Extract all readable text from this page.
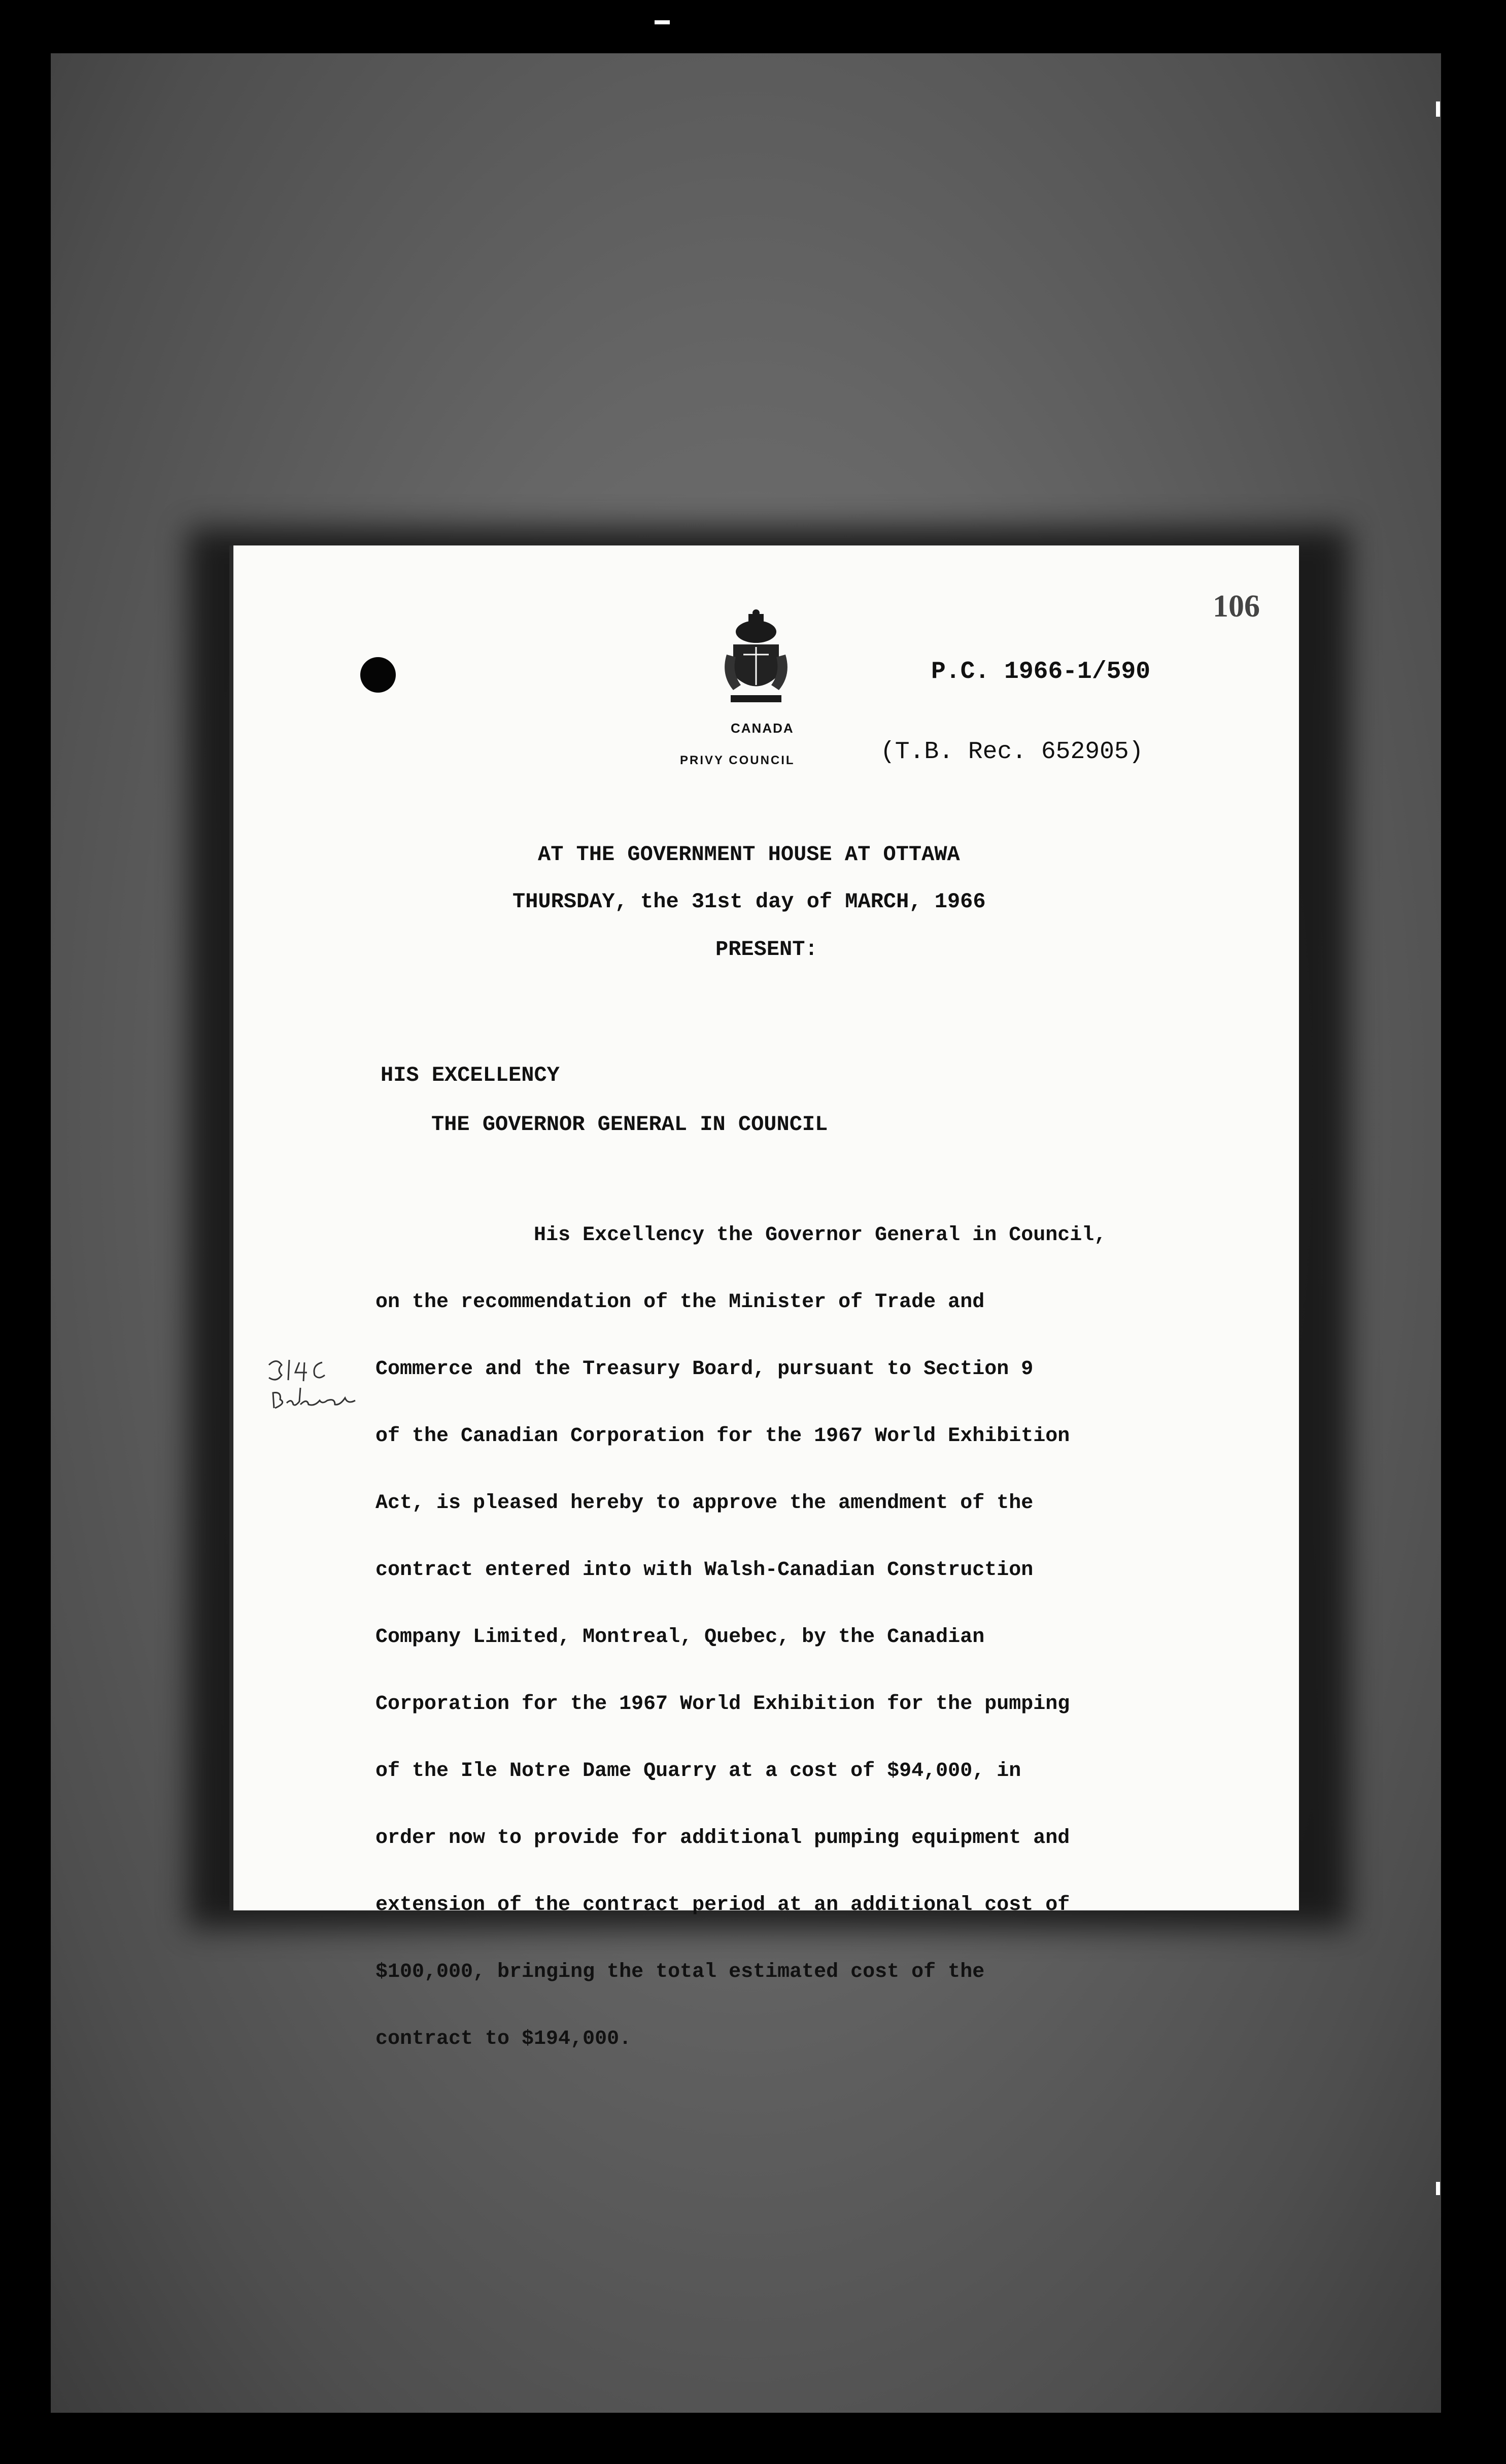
106
CANADA
PRIVY COUNCIL
P.C. 1966-1/590
(T.B. Rec. 652905)
AT THE GOVERNMENT HOUSE AT OTTAWA
THURSDAY, the 31st day of MARCH, 1966
PRESENT:
HIS EXCELLENCY
THE GOVERNOR GENERAL IN COUNCIL

His Excellency the Governor General in Council,

on the recommendation of the Minister of Trade and

Commerce and the Treasury Board, pursuant to Section 9

of the Canadian Corporation for the 1967 World Exhibition

Act, is pleased hereby to approve the amendment of the

contract entered into with Walsh-Canadian Construction

Company Limited, Montreal, Quebec, by the Canadian

Corporation for the 1967 World Exhibition for the pumping

of the Ile Notre Dame Quarry at a cost of $94,000, in

order now to provide for additional pumping equipment and

extension of the contract period at an additional cost of

$100,000, bringing the total estimated cost of the

contract to $194,000.
